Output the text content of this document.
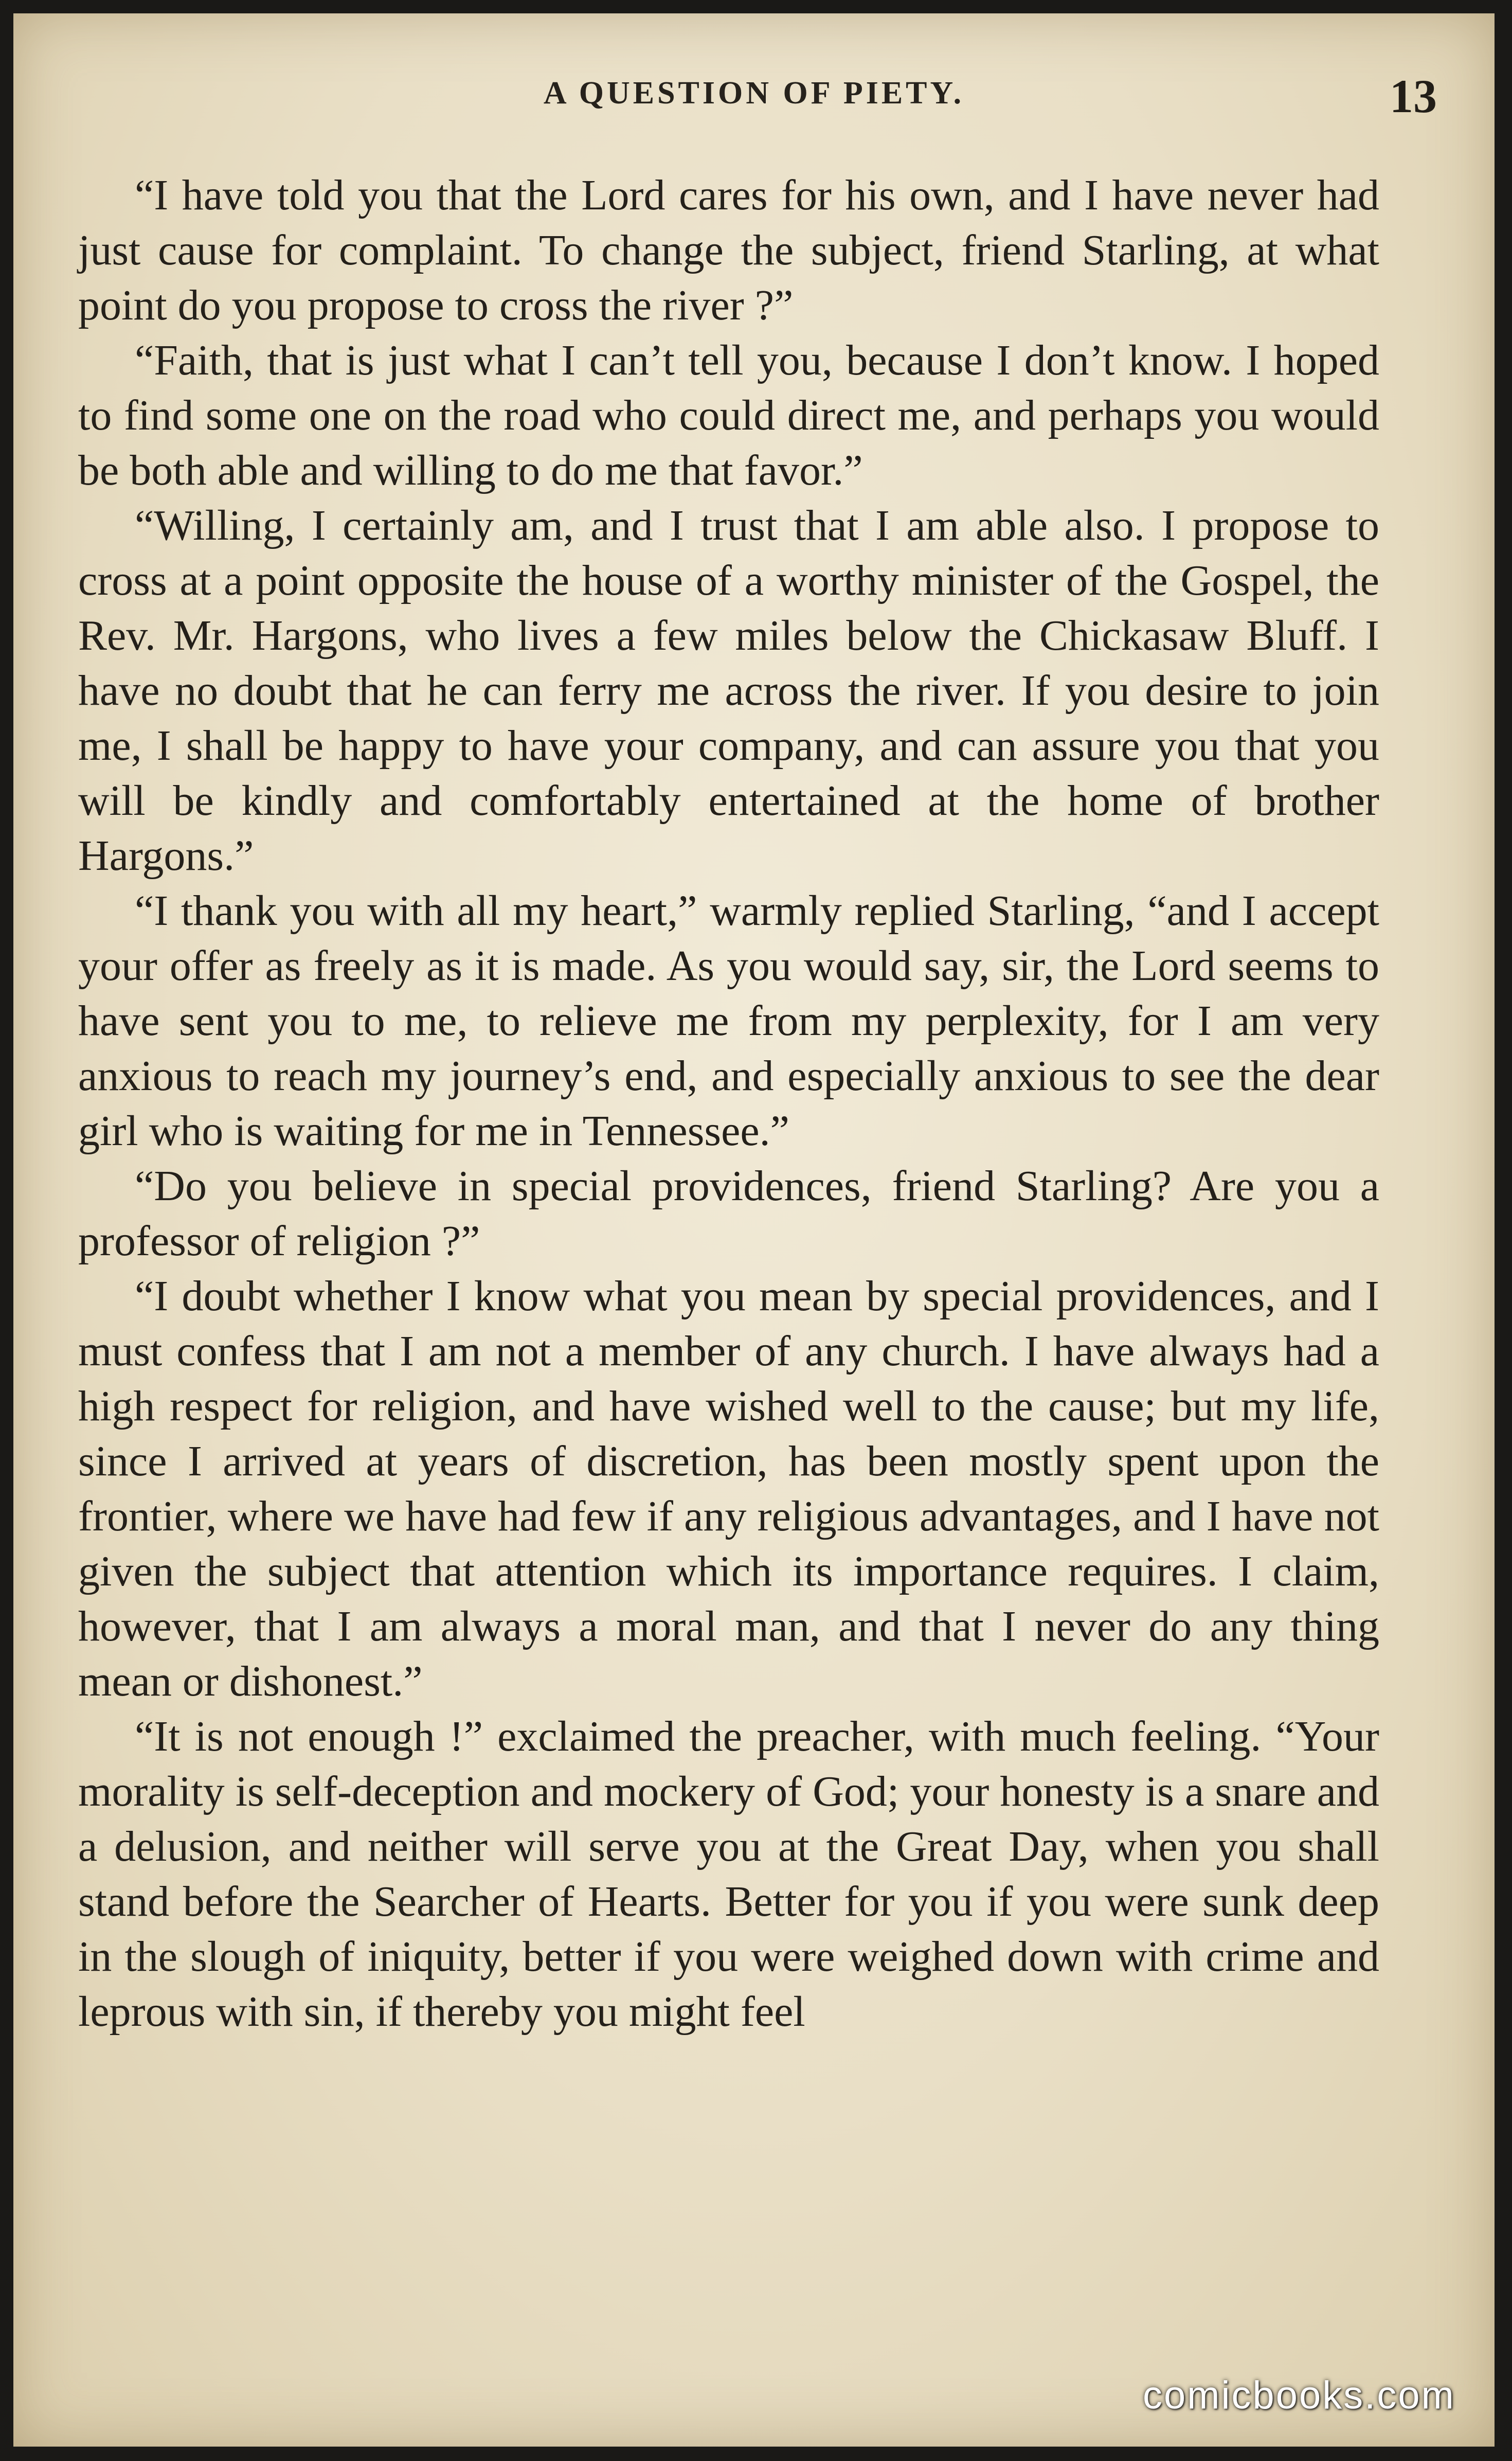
A QUESTION OF PIETY.	13

“I have told you that the Lord cares for his own, and I have never had just cause for complaint. To change the subject, friend Starling, at what point do you propose to cross the river ?”

“Faith, that is just what I can’t tell you, because I don’t know. I hoped to find some one on the road who could direct me, and perhaps you would be both able and willing to do me that favor.”

“Willing, I certainly am, and I trust that I am able also. I propose to cross at a point opposite the house of a worthy minister of the Gospel, the Rev. Mr. Hargons, who lives a few miles below the Chickasaw Bluff. I have no doubt that he can ferry me across the river. If you desire to join me, I shall be happy to have your company, and can assure you that you will be kindly and comfortably entertained at the home of brother Hargons.”

“I thank you with all my heart,” warmly replied Starling, “and I accept your offer as freely as it is made. As you would say, sir, the Lord seems to have sent you to me, to relieve me from my perplexity, for I am very anxious to reach my journey’s end, and especially anxious to see the dear girl who is waiting for me in Tennessee.”

“Do you believe in special providences, friend Starling? Are you a professor of religion ?”

“I doubt whether I know what you mean by special providences, and I must confess that I am not a member of any church. I have always had a high respect for religion, and have wished well to the cause; but my life, since I arrived at years of discretion, has been mostly spent upon the frontier, where we have had few if any religious advantages, and I have not given the subject that attention which its importance requires. I claim, however, that I am always a moral man, and that I never do any thing mean or dishonest.”

“It is not enough !” exclaimed the preacher, with much feeling. “Your morality is self-deception and mockery of God; your honesty is a snare and a delusion, and neither will serve you at the Great Day, when you shall stand before the Searcher of Hearts. Better for you if you were sunk deep in the slough of iniquity, better if you were weighed down with crime and leprous with sin, if thereby you might feel

comicbooks.com
